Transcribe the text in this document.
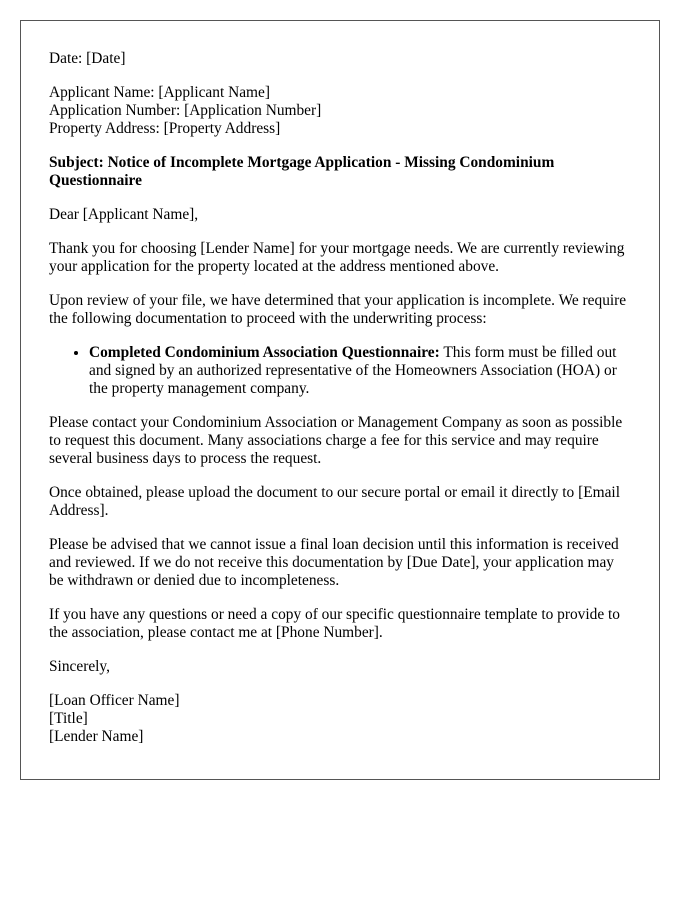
Date: [Date]

Applicant Name: [Applicant Name]

Application Number: [Application Number]

Property Address: [Property Address]

Subject: Notice of Incomplete Mortgage Application - Missing Condominium Questionnaire

Dear [Applicant Name],

Thank you for choosing [Lender Name] for your mortgage needs. We are currently reviewing your application for the property located at the address mentioned above.

Upon review of your file, we have determined that your application is incomplete. We require the following documentation to proceed with the underwriting process:

• Completed Condominium Association Questionnaire: This form must be filled out and signed by an authorized representative of the Homeowners Association (HOA) or the property management company.

Please contact your Condominium Association or Management Company as soon as possible to request this document. Many associations charge a fee for this service and may require several business days to process the request.

Once obtained, please upload the document to our secure portal or email it directly to [Email Address].

Please be advised that we cannot issue a final loan decision until this information is received and reviewed. If we do not receive this documentation by [Due Date], your application may be withdrawn or denied due to incompleteness.

If you have any questions or need a copy of our specific questionnaire template to provide to the association, please contact me at [Phone Number].

Sincerely,

[Loan Officer Name]

[Title]

[Lender Name]
